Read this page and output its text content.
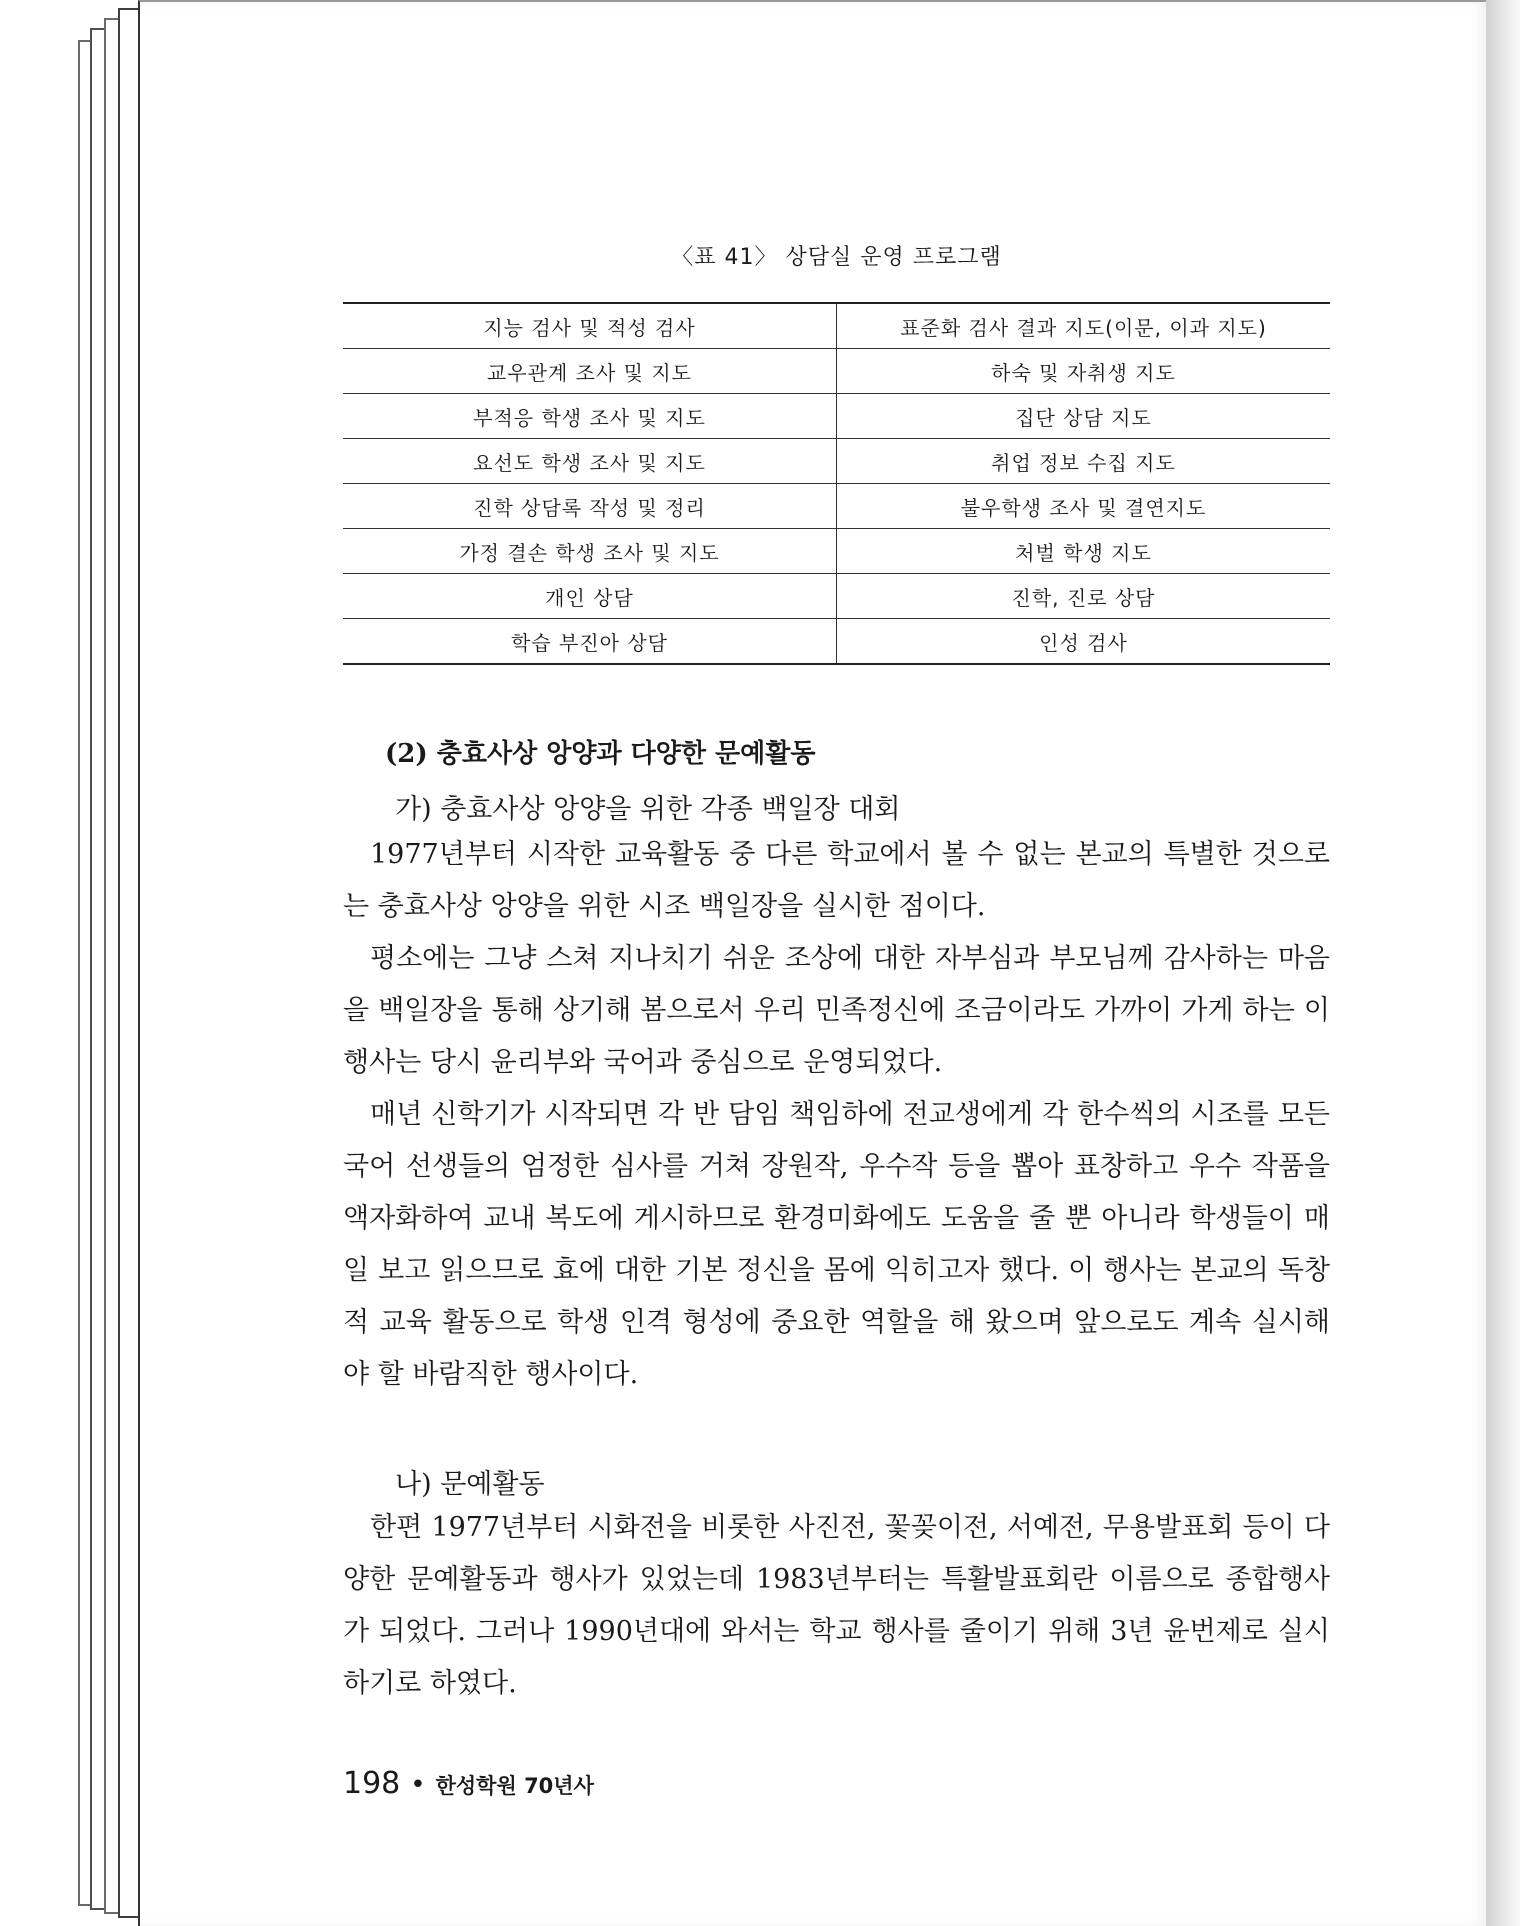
〈표 41〉 상담실 운영 프로그램
지능 검사 및 적성 검사	표준화 검사 결과 지도(이문, 이과 지도)
교우관계 조사 및 지도	하숙 및 자취생 지도
부적응 학생 조사 및 지도	집단 상담 지도
요선도 학생 조사 및 지도	취업 정보 수집 지도
진학 상담록 작성 및 정리	불우학생 조사 및 결연지도
가정 결손 학생 조사 및 지도	처벌 학생 지도
개인 상담	진학, 진로 상담
학습 부진아 상담	인성 검사
(2) 충효사상 앙양과 다양한 문예활동
가) 충효사상 앙양을 위한 각종 백일장 대회

1977년부터 시작한 교육활동 중 다른 학교에서 볼 수 없는 본교의 특별한 것으로는 충효사상 앙양을 위한 시조 백일장을 실시한 점이다.

평소에는 그냥 스쳐 지나치기 쉬운 조상에 대한 자부심과 부모님께 감사하는 마음을 백일장을 통해 상기해 봄으로서 우리 민족정신에 조금이라도 가까이 가게 하는 이 행사는 당시 윤리부와 국어과 중심으로 운영되었다.

매년 신학기가 시작되면 각 반 담임 책임하에 전교생에게 각 한수씩의 시조를 모든 국어 선생들의 엄정한 심사를 거쳐 장원작, 우수작 등을 뽑아 표창하고 우수 작품을 액자화하여 교내 복도에 게시하므로 환경미화에도 도움을 줄 뿐 아니라 학생들이 매일 보고 읽으므로 효에 대한 기본 정신을 몸에 익히고자 했다. 이 행사는 본교의 독창적 교육 활동으로 학생 인격 형성에 중요한 역할을 해 왔으며 앞으로도 계속 실시해야 할 바람직한 행사이다.

나) 문예활동

한편 1977년부터 시화전을 비롯한 사진전, 꽃꽂이전, 서예전, 무용발표회 등이 다양한 문예활동과 행사가 있었는데 1983년부터는 특활발표회란 이름으로 종합행사가 되었다. 그러나 1990년대에 와서는 학교 행사를 줄이기 위해 3년 윤번제로 실시하기로 하였다.

198 • 한성학원 70년사
